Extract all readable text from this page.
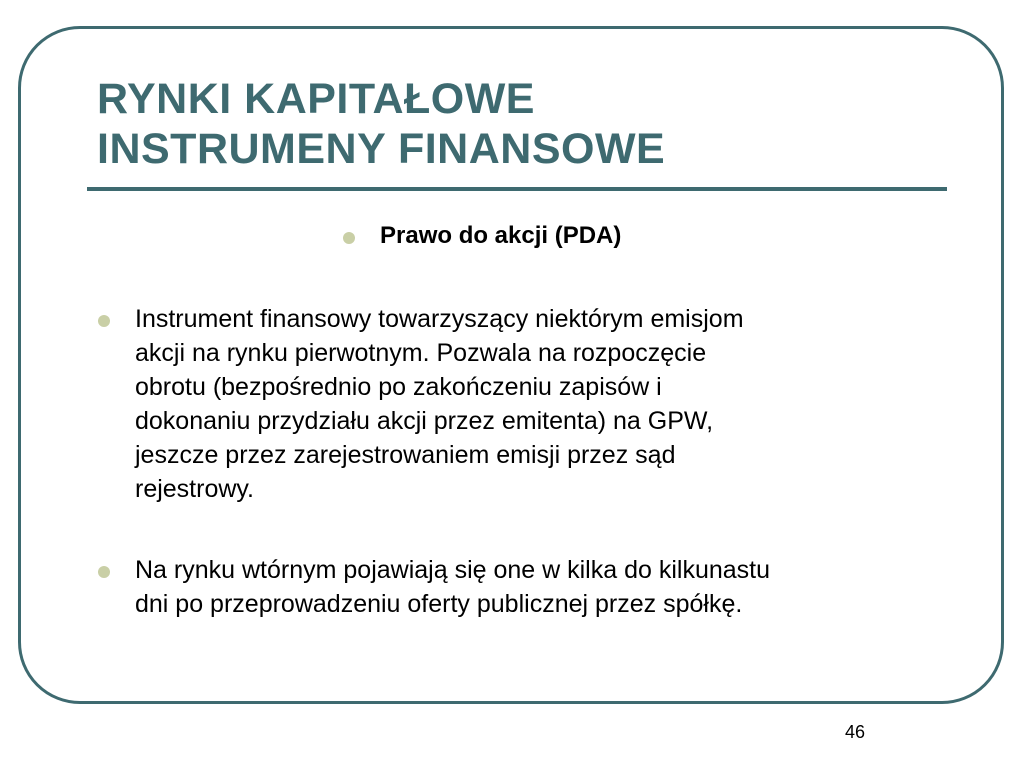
RYNKI KAPITAŁOWE
INSTRUMENY FINANSOWE

Prawo do akcji (PDA)

Instrument finansowy towarzyszący niektórym emisjom
akcji na rynku pierwotnym. Pozwala na rozpoczęcie
obrotu (bezpośrednio po zakończeniu zapisów i
dokonaniu przydziału akcji przez emitenta) na GPW,
jeszcze przez zarejestrowaniem emisji przez sąd
rejestrowy.

Na rynku wtórnym pojawiają się one w kilka do kilkunastu
dni po przeprowadzeniu oferty publicznej przez spółkę.

46
